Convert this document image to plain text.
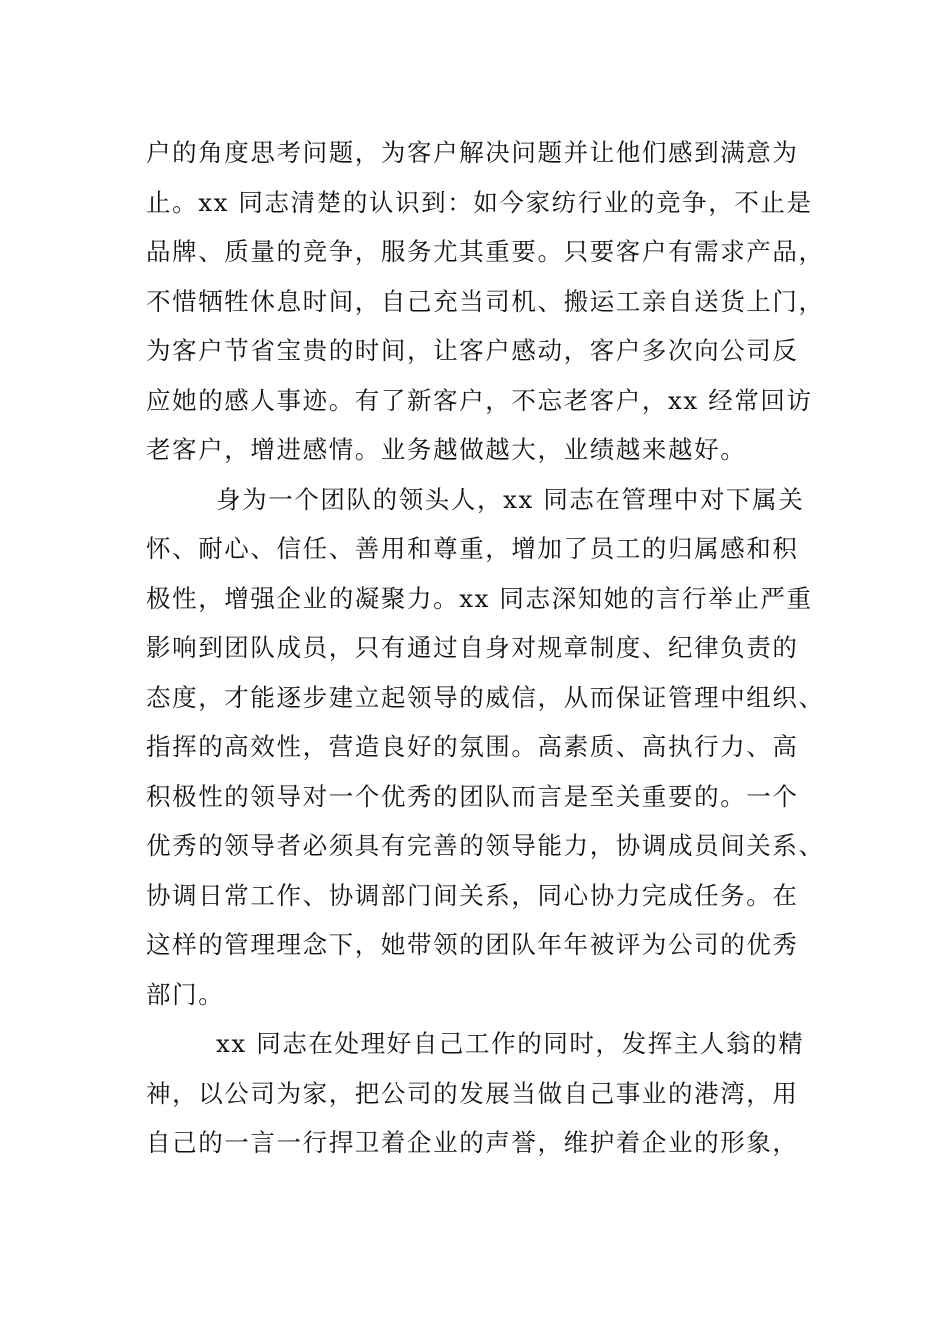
户的角度思考问题，为客户解决问题并让他们感到满意为
止。xx 同志清楚的认识到：如今家纺行业的竞争，不止是
品牌、质量的竞争，服务尤其重要。只要客户有需求产品，
不惜牺牲休息时间，自己充当司机、搬运工亲自送货上门，
为客户节省宝贵的时间，让客户感动，客户多次向公司反
应她的感人事迹。有了新客户，不忘老客户，xx 经常回访
老客户，增进感情。业务越做越大，业绩越来越好。
身为一个团队的领头人，xx 同志在管理中对下属关
怀、耐心、信任、善用和尊重，增加了员工的归属感和积
极性，增强企业的凝聚力。xx 同志深知她的言行举止严重
影响到团队成员，只有通过自身对规章制度、纪律负责的
态度，才能逐步建立起领导的威信，从而保证管理中组织、
指挥的高效性，营造良好的氛围。高素质、高执行力、高
积极性的领导对一个优秀的团队而言是至关重要的。一个
优秀的领导者必须具有完善的领导能力，协调成员间关系、
协调日常工作、协调部门间关系，同心协力完成任务。在
这样的管理理念下，她带领的团队年年被评为公司的优秀
部门。
xx 同志在处理好自己工作的同时，发挥主人翁的精
神，以公司为家，把公司的发展当做自己事业的港湾，用
自己的一言一行捍卫着企业的声誉，维护着企业的形象，
